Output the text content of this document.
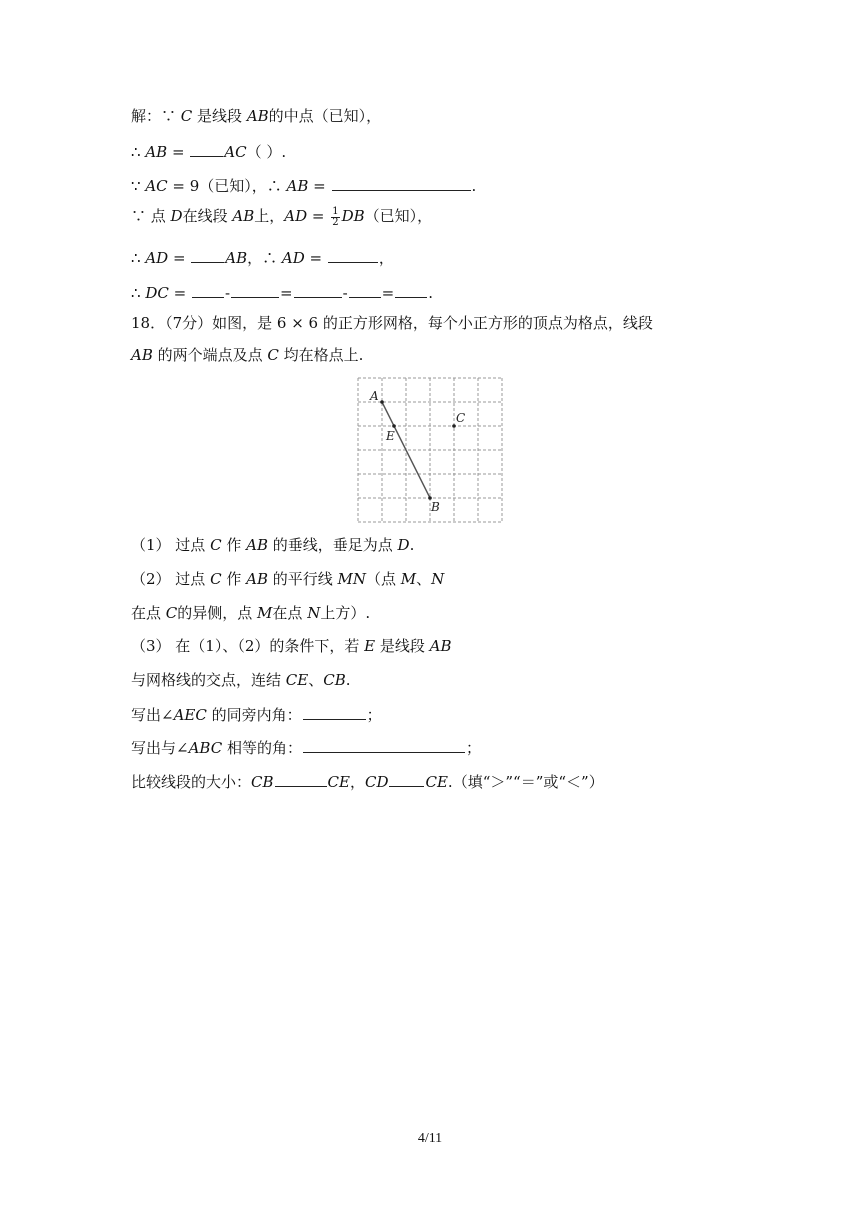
解：∵ C 是线段 AB的中点（已知），
∴ AB = AC（ ）.
∵ AC = 9（已知），∴ AB =	.
∵ 点 D在线段 AB上，AD = $\frac{1}{2} DB$（已知），
∴ AD = AB，∴ AD =	，
∴ DC = -	=	- = .
18．（7分）如图，是 6 × 6 的正方形网格，每个小正方形的顶点为格点，线段
AB 的两个端点及点 C 均在格点上.
A
B
C
E
（1） 过点 C 作 AB 的垂线，垂足为点 D.
（2） 过点 C 作 AB 的平行线 MN（点 M、N
在点 C的异侧，点 M在点 N上方）.
（3） 在（1）、（2）的条件下，若 E 是线段 AB
与网格线的交点，连结 CE、CB.
写出∠AEC 的同旁内角：	；
写出与∠ABC 相等的角：	；
比较线段的大小：CB	CE，CD CE.（填“＞”“＝”或“＜”）
4/11
